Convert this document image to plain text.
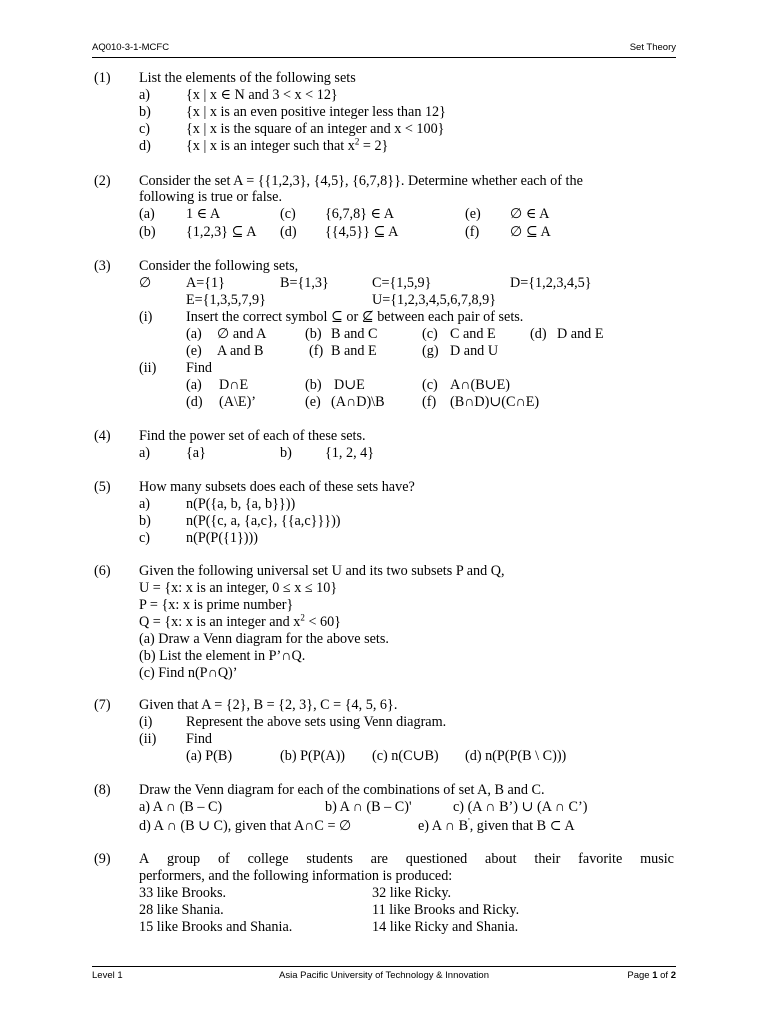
AQ010-3-1-MCFC	Set Theory
(1) List the elements of the following sets
a)	{x | x ∈ N and 3 < x < 12}
b) {x | x is an even positive integer less than 12}
c)	{x | x is the square of an integer and x < 100}
d) {x | x is an integer such that $x^2 = 2$}
(2) Consider the set A = {{1,2,3}, {4,5}, {6,7,8}}. Determine whether each of the
following is true or false.
(a) 1 ∈ A	(c) {6,7,8} ∈ A	(e) ∅ ∈ A
(b) {1,2,3} ⊆ A (d) {{4,5}} ⊆ A	(f) ∅ ⊆ A
(3) Consider the following sets,
∅ A={1}	B={1,3}	C={1,5,9}	D={1,2,3,4,5}
E={1,3,5,7,9}	U={1,2,3,4,5,6,7,8,9}
(i) Insert the correct symbol ⊆ or ⊈ between each pair of sets.
(a) ∅ and A	(b) B and C	(c) C and E (d) D and E
(e) A and B	(f) B and E	(g) D and U
(ii) Find
(a) D∩E	(b) D∪E	(c) A∩(B∪E)
(d) (A\E)’	(e) (A∩D)\B	(f) (B∩D)∪(C∩E)
(4) Find the power set of each of these sets.
a)	{a}	b) {1, 2, 4}
(5) How many subsets does each of these sets have?
a)	n(P({a, b, {a, b}}))
b) n(P({c, a, {a,c}, {{a,c}}}))
c)	n(P(P({1})))
(6) Given the following universal set U and its two subsets P and Q,
U = {x: x is an integer, 0 ≤ x ≤ 10}
P = {x: x is prime number}
Q = {x: x is an integer and $x^2 < 60$}
(a) Draw a Venn diagram for the above sets.
(b) List the element in P’∩Q.
(c) Find n(P∩Q)’
(7) Given that A = {2}, B = {2, 3}, C = {4, 5, 6}.
(i) Represent the above sets using Venn diagram.
(ii) Find
(a) P(B)	(b) P(P(A)) (c) n(C∪B) (d) n(P(P(B \ C)))
(8) Draw the Venn diagram for each of the combinations of set A, B and C.
a) A ∩ (B – C)	b) A ∩ (B – C)'	c) (A ∩ B’) ∪ (A ∩ C’)
d) A ∩ (B ∪ C), given that A∩C = ∅	e) A ∩ B', given that B ⊂ A
(9) A group of college students are questioned about their favorite music
performers, and the following information is produced:
33 like Brooks.	32 like Ricky.
28 like Shania.	11 like Brooks and Ricky.
15 like Brooks and Shania.	14 like Ricky and Shania.
Level 1	Asia Pacific University of Technology & Innovation	Page 1 of 2
